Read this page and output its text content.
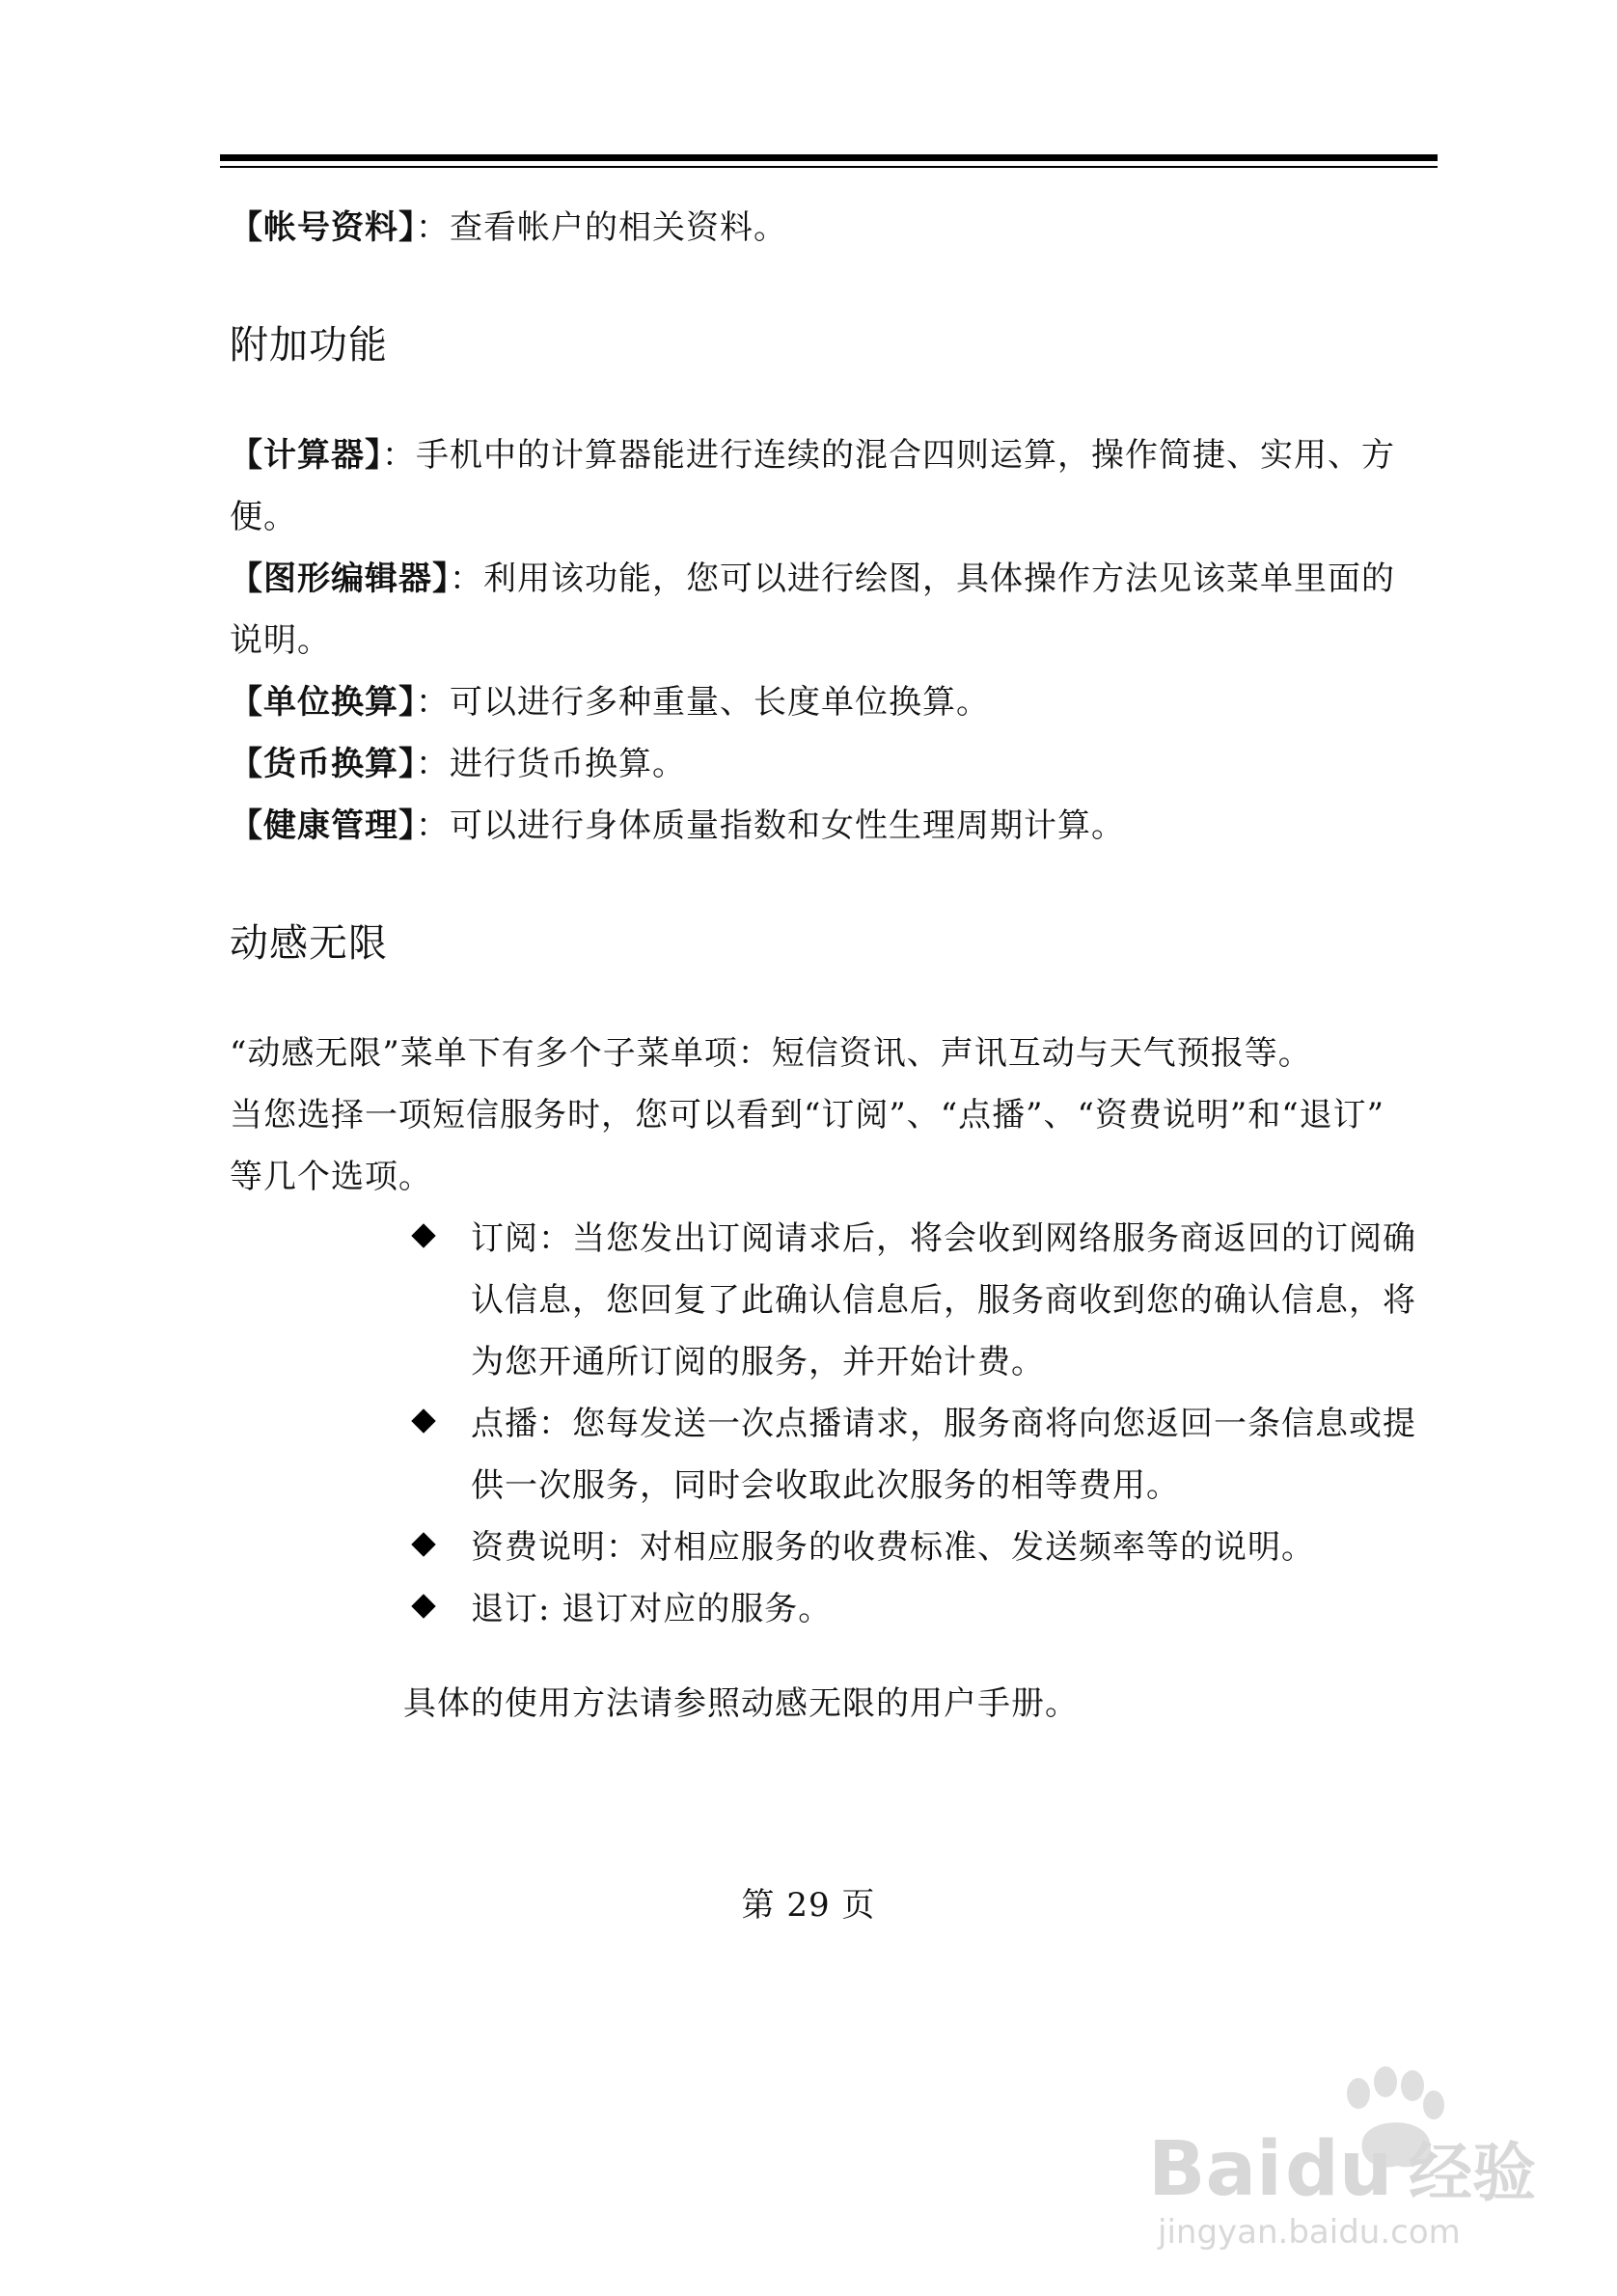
【帐号资料】：查看帐户的相关资料。

附加功能

【计算器】：手机中的计算器能进行连续的混合四则运算，操作简捷、实用、方
便。

【图形编辑器】：利用该功能，您可以进行绘图，具体操作方法见该菜单里面的
说明。

【单位换算】：可以进行多种重量、长度单位换算。

【货币换算】：进行货币换算。

【健康管理】：可以进行身体质量指数和女性生理周期计算。

动感无限

“动感无限”菜单下有多个子菜单项：短信资讯、声讯互动与天气预报等。

当您选择一项短信服务时，您可以看到“订阅”、“点播”、“资费说明”和“退订”

等几个选项。

订阅：当您发出订阅请求后，将会收到网络服务商返回的订阅确
认信息，您回复了此确认信息后，服务商收到您的确认信息，将
为您开通所订阅的服务，并开始计费。
点播：您每发送一次点播请求，服务商将向您返回一条信息或提
供一次服务，同时会收取此次服务的相等费用。
资费说明：对相应服务的收费标准、发送频率等的说明。
退订: 退订对应的服务。

具体的使用方法请参照动感无限的用户手册。

第 29 页
Bai du 经验
jingyan.baidu.com
